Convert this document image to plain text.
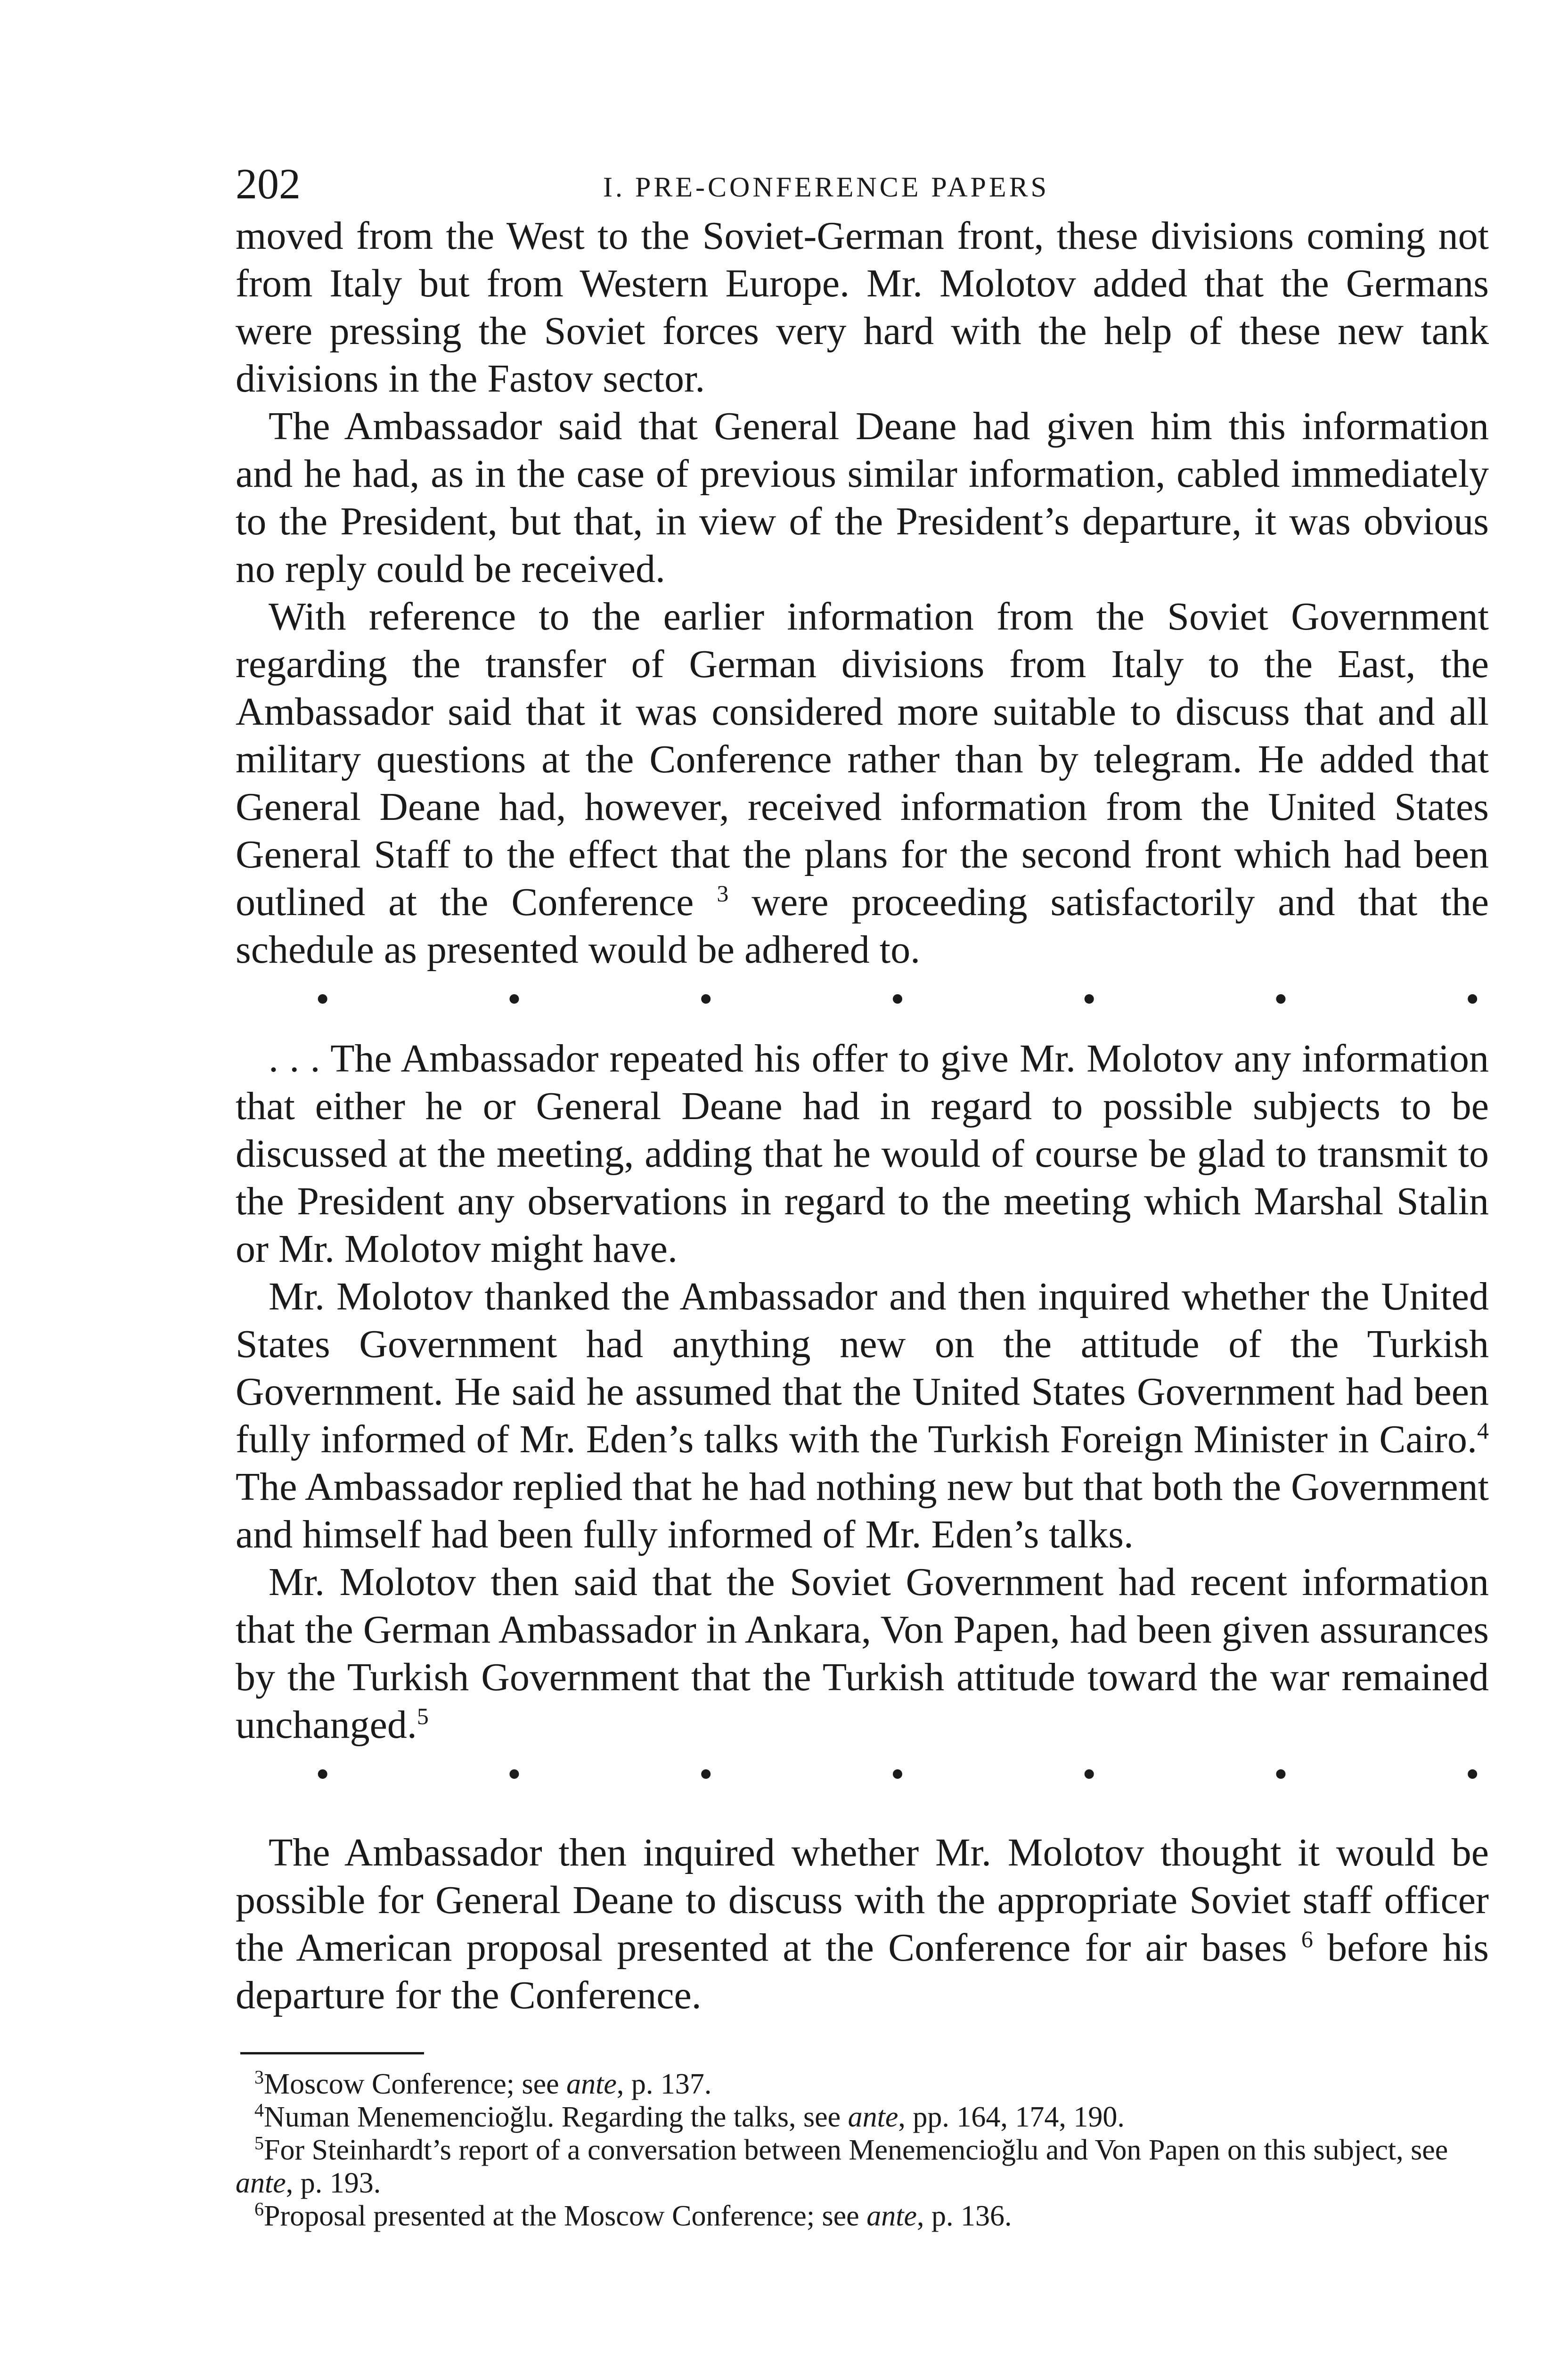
202	I. PRE-CONFERENCE PAPERS

moved from the West to the Soviet-German front, these divisions coming not from Italy but from Western Europe. Mr. Molotov added that the Germans were pressing the Soviet forces very hard with the help of these new tank divisions in the Fastov sector.

The Ambassador said that General Deane had given him this information and he had, as in the case of previous similar information, cabled immediately to the President, but that, in view of the President’s departure, it was obvious no reply could be received.

With reference to the earlier information from the Soviet Government regarding the transfer of German divisions from Italy to the East, the Ambassador said that it was considered more suitable to discuss that and all military questions at the Conference rather than by telegram. He added that General Deane had, however, received information from the United States General Staff to the effect that the plans for the second front which had been outlined at the Conference $^3$ were proceeding satisfactorily and that the schedule as presented would be adhered to.

•	•	•	•	•	•	•

. . . The Ambassador repeated his offer to give Mr. Molotov any information that either he or General Deane had in regard to possible subjects to be discussed at the meeting, adding that he would of course be glad to transmit to the President any observations in regard to the meeting which Marshal Stalin or Mr. Molotov might have.

Mr. Molotov thanked the Ambassador and then inquired whether the United States Government had anything new on the attitude of the Turkish Government. He said he assumed that the United States Government had been fully informed of Mr. Eden’s talks with the Turkish Foreign Minister in Cairo.$^4$ The Ambassador replied that he had nothing new but that both the Government and himself had been fully informed of Mr. Eden’s talks.

Mr. Molotov then said that the Soviet Government had recent information that the German Ambassador in Ankara, Von Papen, had been given assurances by the Turkish Government that the Turkish attitude toward the war remained unchanged.$^5$

•	•	•	•	•	•	•

The Ambassador then inquired whether Mr. Molotov thought it would be possible for General Deane to discuss with the appropriate Soviet staff officer the American proposal presented at the Conference for air bases $^6$ before his departure for the Conference.

$^3$Moscow Conference; see ante, p. 137.

$^4$Numan Menemencioğlu. Regarding the talks, see ante, pp. 164, 174, 190.

$^5$For Steinhardt’s report of a conversation between Menemencioğlu and Von Papen on this subject, see ante, p. 193.

$^6$Proposal presented at the Moscow Conference; see ante, p. 136.
